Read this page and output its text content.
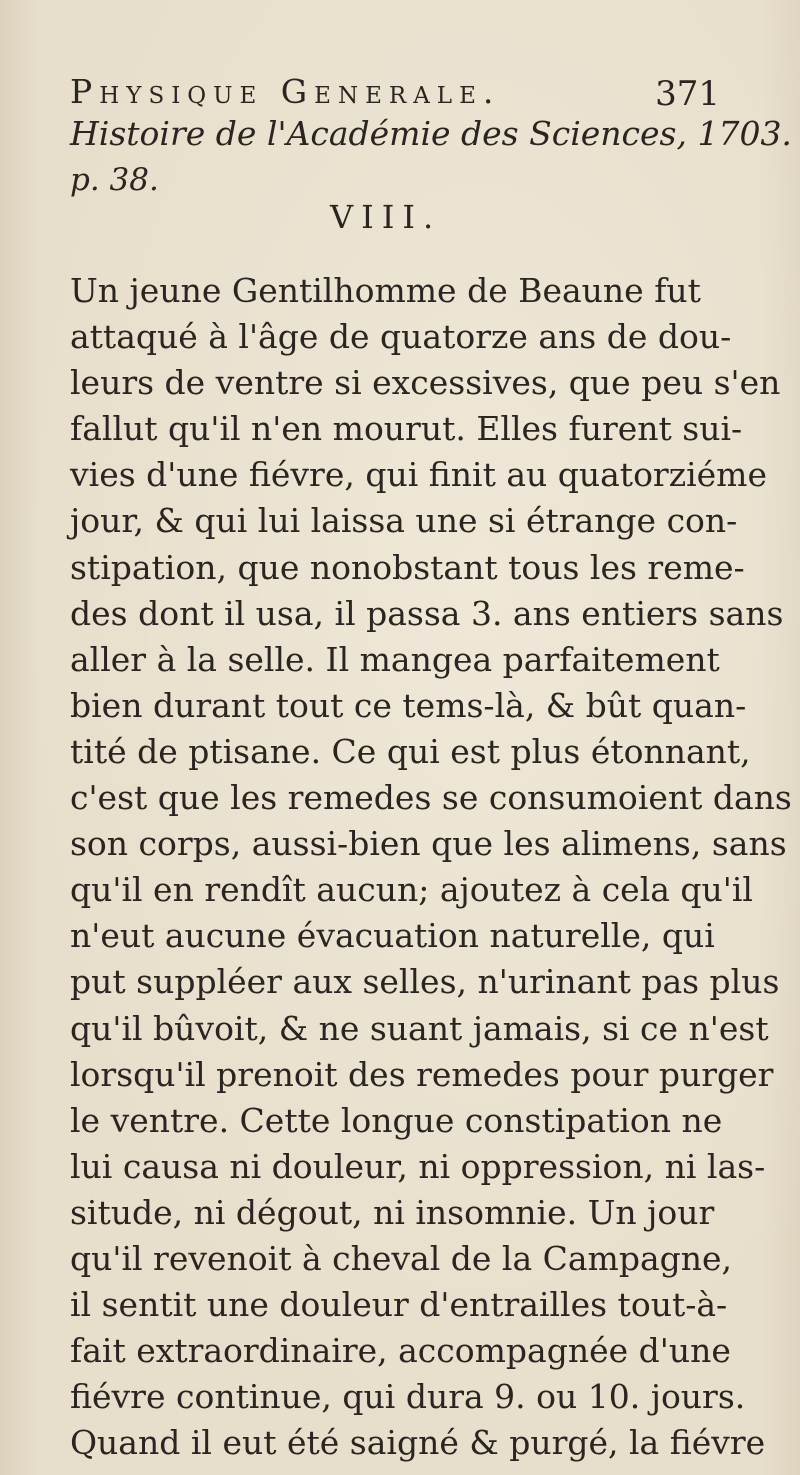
Physique Generale.	371
Histoire de l'Académie des Sciences, 1703.
p. 38.
VIII.
Un jeune Gentilhomme de Beaune fut
attaqué à l'âge de quatorze ans de dou-
leurs de ventre si excessives, que peu s'en
fallut qu'il n'en mourut. Elles furent sui-
vies d'une fiévre, qui finit au quatorziéme
jour, & qui lui laissa une si étrange con-
stipation, que nonobstant tous les reme-
des dont il usa, il passa 3. ans entiers sans
aller à la selle. Il mangea parfaitement
bien durant tout ce tems-là, & bût quan-
tité de ptisane. Ce qui est plus étonnant,
c'est que les remedes se consumoient dans
son corps, aussi-bien que les alimens, sans
qu'il en rendît aucun; ajoutez à cela qu'il
n'eut aucune évacuation naturelle, qui
put suppléer aux selles, n'urinant pas plus
qu'il bûvoit, & ne suant jamais, si ce n'est
lorsqu'il prenoit des remedes pour purger
le ventre. Cette longue constipation ne
lui causa ni douleur, ni oppression, ni las-
situde, ni dégout, ni insomnie. Un jour
qu'il revenoit à cheval de la Campagne,
il sentit une douleur d'entrailles tout-à-
fait extraordinaire, accompagnée d'une
fiévre continue, qui dura 9. ou 10. jours.
Quand il eut été saigné & purgé, la fiévre
